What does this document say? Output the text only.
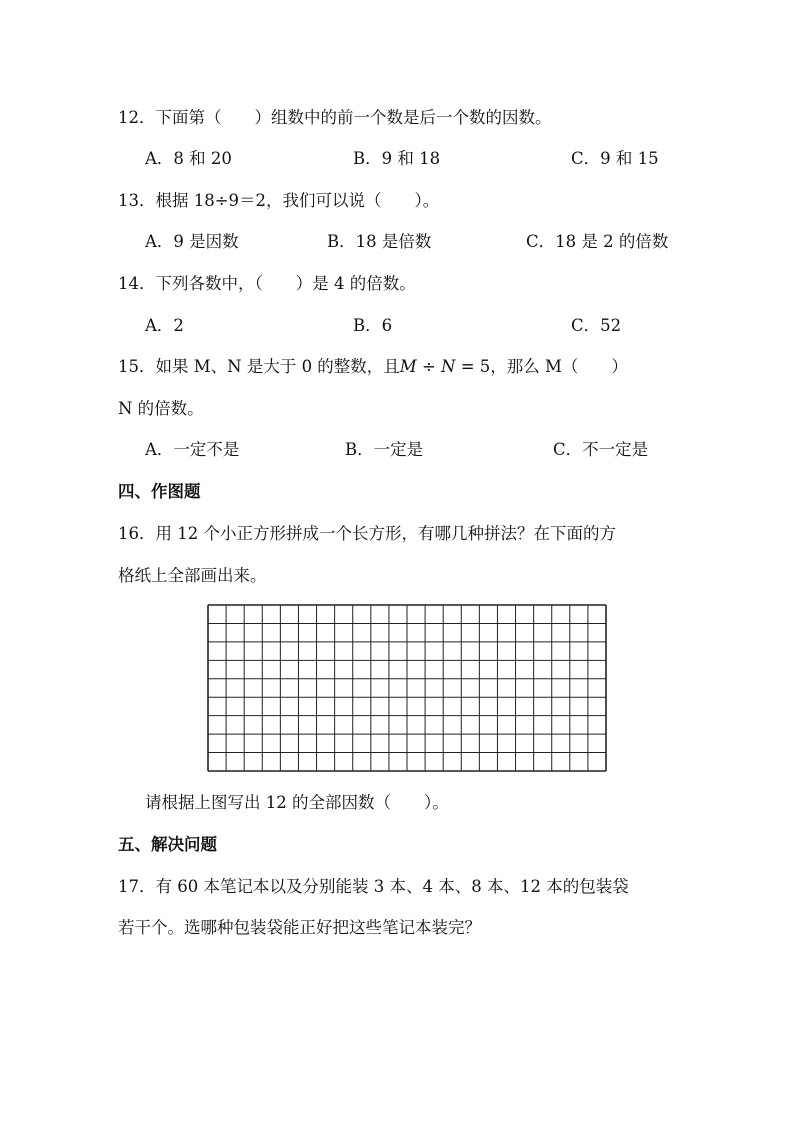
12．下面第（　　）组数中的前一个数是后一个数的因数。
A．8 和 20	B．9 和 18	C．9 和 15
13．根据 18÷9＝2，我们可以说（　　）。
A．9 是因数	B．18 是倍数	C．18 是 2 的倍数
14．下列各数中，（　　）是 4 的倍数。
A．2	B．6	C．52
15．如果 M、N 是大于 0 的整数，且𝑀 ÷ 𝑁 = 5，那么 M（　　）
N 的倍数。
A．一定不是	B．一定是	C．不一定是
四、作图题
16．用 12 个小正方形拼成一个长方形，有哪几种拼法？在下面的方
格纸上全部画出来。
请根据上图写出 12 的全部因数（　　）。
五、解决问题
17．有 60 本笔记本以及分别能装 3 本、4 本、8 本、12 本的包装袋
若干个。选哪种包装袋能正好把这些笔记本装完？
